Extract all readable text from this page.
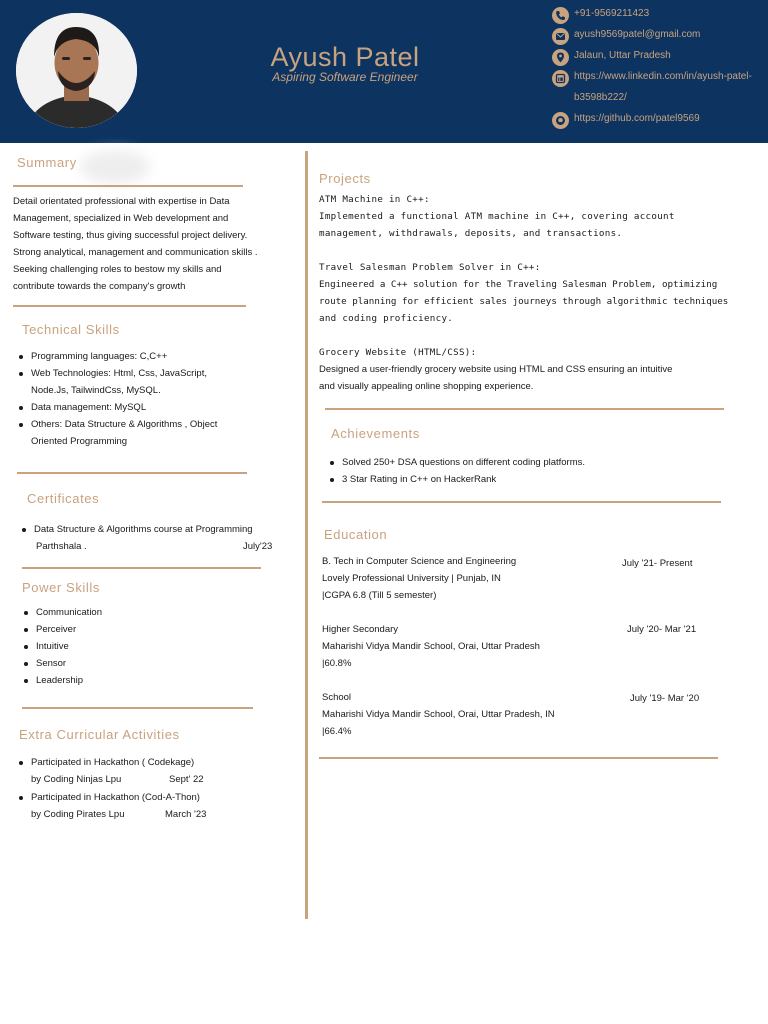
Ayush Patel
Aspiring Software Engineer
+91-9569211423
ayush9569patel@gmail.com
Jalaun, Uttar Pradesh
https://www.linkedin.com/in/ayush-patel-
b3598b222/
https://github.com/patel9569
Summary
Detail orientated professional with expertise in Data
Management, specialized in Web development and
Software testing, thus giving successful project delivery.
Strong analytical, management and communication skills .
Seeking challenging roles to bestow my skills and
contribute towards the company's growth
Technical Skills
Programming languages: C,C++
Web Technologies: Html, Css, JavaScript,
Node.Js, TailwindCss, MySQL.
Data management: MySQL
Others: Data Structure & Algorithms , Object
Oriented Programming
Certificates
Data Structure & Algorithms course at Programming
Parthshala .	July'23
Power Skills
Communication
Perceiver
Intuitive
Sensor
Leadership
Extra Curricular Activities
Participated in Hackathon ( Codekage)
by Coding Ninjas Lpu	Sept' 22
Participated in Hackathon (Cod-A-Thon)
by Coding Pirates Lpu	March '23
Projects
ATM Machine in C++:
Implemented a functional ATM machine in C++, covering account
management, withdrawals, deposits, and transactions.
Travel Salesman Problem Solver in C++:
Engineered a C++ solution for the Traveling Salesman Problem, optimizing
route planning for efficient sales journeys through algorithmic techniques
and coding proficiency.
Grocery Website (HTML/CSS):
Designed a user-friendly grocery website using HTML and CSS ensuring an intuitive
and visually appealing online shopping experience.
Achievements
Solved 250+ DSA questions on different coding platforms.
3 Star Rating in C++ on HackerRank
Education
B. Tech in Computer Science and Engineering	July '21- Present
Lovely Professional University | Punjab, IN
|CGPA 6.8 (Till 5 semester)
Higher Secondary	July '20- Mar '21
Maharishi Vidya Mandir School, Orai, Uttar Pradesh
|60.8%
School	July '19- Mar '20
Maharishi Vidya Mandir School, Orai, Uttar Pradesh, IN
|66.4%
